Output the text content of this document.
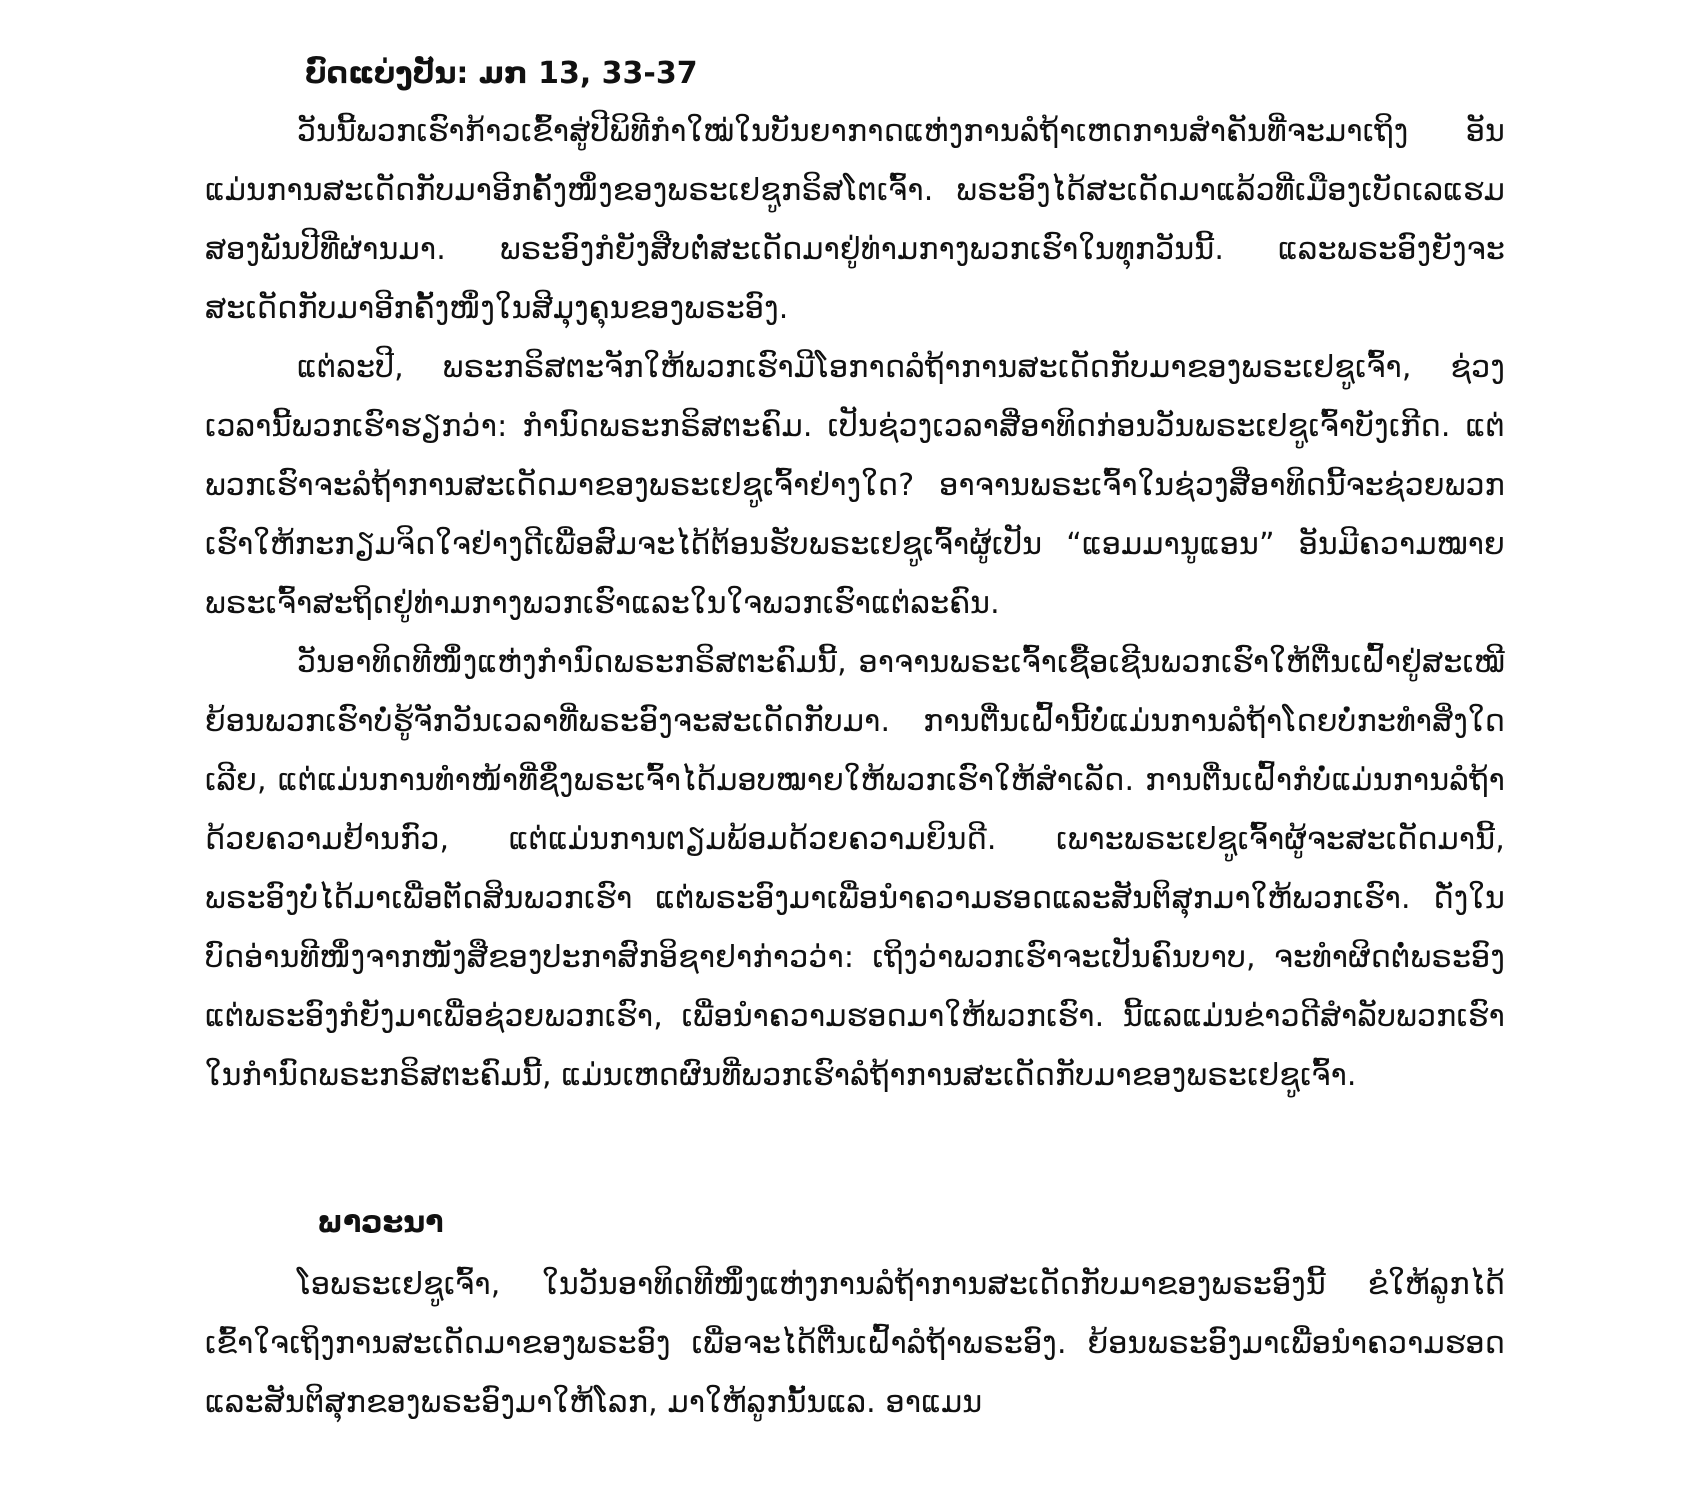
ບົດແບ່ງປັນ: ມກ 13, 33-37

ວັນນີ້ພວກເຮົາກ້າວເຂົ້າສູ່ປີພິທີກຳໃໝ່ໃນບັນຍາກາດແຫ່ງການລໍຖ້າເຫດການສຳຄັນທີ່ຈະມາເຖິງ ອັນແມ່ນການສະເດັດກັບມາອີກຄັ້ງໜຶ່ງຂອງພຣະເຢຊູກຣິສໂຕເຈົ້າ. ພຣະອົງໄດ້ສະເດັດມາແລ້ວທີ່ເມືອງເບັດເລແຮມສອງພັນປີທີ່ຜ່ານມາ. ພຣະອົງກໍຍັງສືບຕໍ່ສະເດັດມາຢູ່ທ່າມກາງພວກເຮົາໃນທຸກວັນນີ້. ແລະພຣະອົງຍັງຈະສະເດັດກັບມາອີກຄັ້ງໜຶ່ງໃນສີມຸງຄຸນຂອງພຣະອົງ.

ແຕ່ລະປີ, ພຣະກຣິສຕະຈັກໃຫ້ພວກເຮົາມີໂອກາດລໍຖ້າການສະເດັດກັບມາຂອງພຣະເຢຊູເຈົ້າ, ຊ່ວງເວລານີ້ພວກເຮົາຮຽກວ່າ: ກຳນົດພຣະກຣິສຕະຄົມ. ເປັນຊ່ວງເວລາສີ່ອາທິດກ່ອນວັນພຣະເຢຊູເຈົ້າບັງເກີດ. ແຕ່ພວກເຮົາຈະລໍຖ້າການສະເດັດມາຂອງພຣະເຢຊູເຈົ້າຢ່າງໃດ? ອາຈານພຣະເຈົ້າໃນຊ່ວງສີ່ອາທິດນີ້ຈະຊ່ວຍພວກເຮົາໃຫ້ກະກຽມຈິດໃຈຢ່າງດີເພື່ອສົມຈະໄດ້ຕ້ອນຮັບພຣະເຢຊູເຈົ້າຜູ້ເປັນ “ແອມມານູແອນ” ອັນມີຄວາມໝາຍ ພຣະເຈົ້າສະຖິດຢູ່ທ່າມກາງພວກເຮົາແລະໃນໃຈພວກເຮົາແຕ່ລະຄົນ.

ວັນອາທິດທີໜຶ່ງແຫ່ງກຳນົດພຣະກຣິສຕະຄົມນີ້, ອາຈານພຣະເຈົ້າເຊື້ອເຊີນພວກເຮົາໃຫ້ຕື່ນເຝົ້າຢູ່ສະເໝີ ຍ້ອນພວກເຮົາບໍ່ຮູ້ຈັກວັນເວລາທີ່ພຣະອົງຈະສະເດັດກັບມາ. ການຕື່ນເຝົ້ານີ້ບໍ່ແມ່ນການລໍຖ້າໂດຍບໍ່ກະທຳສິ່ງໃດເລີຍ, ແຕ່ແມ່ນການທຳໜ້າທີ່ຊຶ່ງພຣະເຈົ້າໄດ້ມອບໝາຍໃຫ້ພວກເຮົາໃຫ້ສຳເລັດ. ການຕື່ນເຝົ້າກໍບໍ່ແມ່ນການລໍຖ້າດ້ວຍຄວາມຢ້ານກົວ, ແຕ່ແມ່ນການຕຽມພ້ອມດ້ວຍຄວາມຍິນດີ. ເພາະພຣະເຢຊູເຈົ້າຜູ້ຈະສະເດັດມານີ້, ພຣະອົງບໍ່ໄດ້ມາເພື່ອຕັດສິນພວກເຮົາ ແຕ່ພຣະອົງມາເພື່ອນຳຄວາມຮອດແລະສັນຕິສຸກມາໃຫ້ພວກເຮົາ. ດັ່ງໃນບົດອ່ານທີໜຶ່ງຈາກໜັງສືຂອງປະກາສົກອິຊາຢາກ່າວວ່າ: ເຖິງວ່າພວກເຮົາຈະເປັນຄົນບາບ, ຈະທຳຜິດຕໍ່ພຣະອົງແຕ່ພຣະອົງກໍຍັງມາເພື່ອຊ່ວຍພວກເຮົາ, ເພື່ອນຳຄວາມຮອດມາໃຫ້ພວກເຮົາ. ນີ້ແລແມ່ນຂ່າວດີສຳລັບພວກເຮົາໃນກຳນົດພຣະກຣິສຕະຄົມນີ້, ແມ່ນເຫດຜົນທີ່ພວກເຮົາລໍຖ້າການສະເດັດກັບມາຂອງພຣະເຢຊູເຈົ້າ.

ພາວະນາ

ໂອພຣະເຢຊູເຈົ້າ, ໃນວັນອາທິດທີໜຶ່ງແຫ່ງການລໍຖ້າການສະເດັດກັບມາຂອງພຣະອົງນີ້ ຂໍໃຫ້ລູກໄດ້ເຂົ້າໃຈເຖິງການສະເດັດມາຂອງພຣະອົງ ເພື່ອຈະໄດ້ຕື່ນເຝົ້າລໍຖ້າພຣະອົງ. ຍ້ອນພຣະອົງມາເພື່ອນຳຄວາມຮອດແລະສັນຕິສຸກຂອງພຣະອົງມາໃຫ້ໂລກ, ມາໃຫ້ລູກນັ້ນແລ. ອາແມນ
